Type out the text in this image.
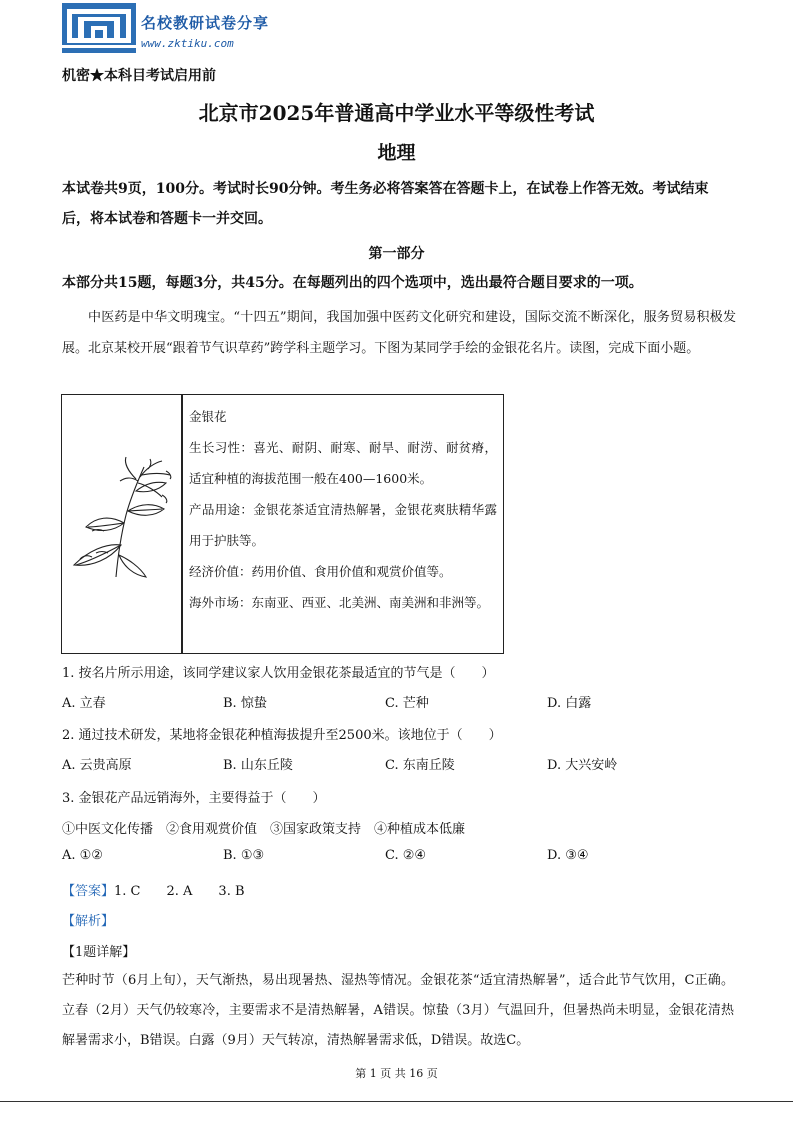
名校教研试卷分享
www.zktiku.com
机密★本科目考试启用前
北京市2025年普通高中学业水平等级性考试
地理
本试卷共9页，100分。考试时长90分钟。考生务必将答案答在答题卡上，在试卷上作答无效。考试结束后，将本试卷和答题卡一并交回。
第一部分
本部分共15题，每题3分，共45分。在每题列出的四个选项中，选出最符合题目要求的一项。
中医药是中华文明瑰宝。“十四五”期间，我国加强中医药文化研究和建设，国际交流不断深化，服务贸易积极发展。北京某校开展“跟着节气识草药”跨学科主题学习。下图为某同学手绘的金银花名片。读图，完成下面小题。
金银花
生长习性：喜光、耐阴、耐寒、耐旱、耐涝、耐贫瘠，适宜种植的海拔范围一般在400—1600米。
产品用途：金银花茶适宜清热解暑，金银花爽肤精华露用于护肤等。
经济价值：药用价值、食用价值和观赏价值等。
海外市场：东南亚、西亚、北美洲、南美洲和非洲等。
1. 按名片所示用途，该同学建议家人饮用金银花茶最适宜的节气是（　　）
A. 立春	B. 惊蛰	C. 芒种	D. 白露
2. 通过技术研发，某地将金银花种植海拔提升至2500米。该地位于（　　）
A. 云贵高原	B. 山东丘陵	C. 东南丘陵	D. 大兴安岭
3. 金银花产品远销海外，主要得益于（　　）
①中医文化传播　②食用观赏价值　③国家政策支持　④种植成本低廉
A. ①②	B. ①③	C. ②④	D. ③④
【答案】1. C　　2. A　　3. B
【解析】
【1题详解】
芒种时节（6月上旬），天气渐热，易出现暑热、湿热等情况。金银花茶“适宜清热解暑”，适合此节气饮用，C正确。立春（2月）天气仍较寒冷，主要需求不是清热解暑，A错误。惊蛰（3月）气温回升，但暑热尚未明显，金银花清热解暑需求小，B错误。白露（9月）天气转凉，清热解暑需求低，D错误。故选C。
第 1 页 共 16 页
